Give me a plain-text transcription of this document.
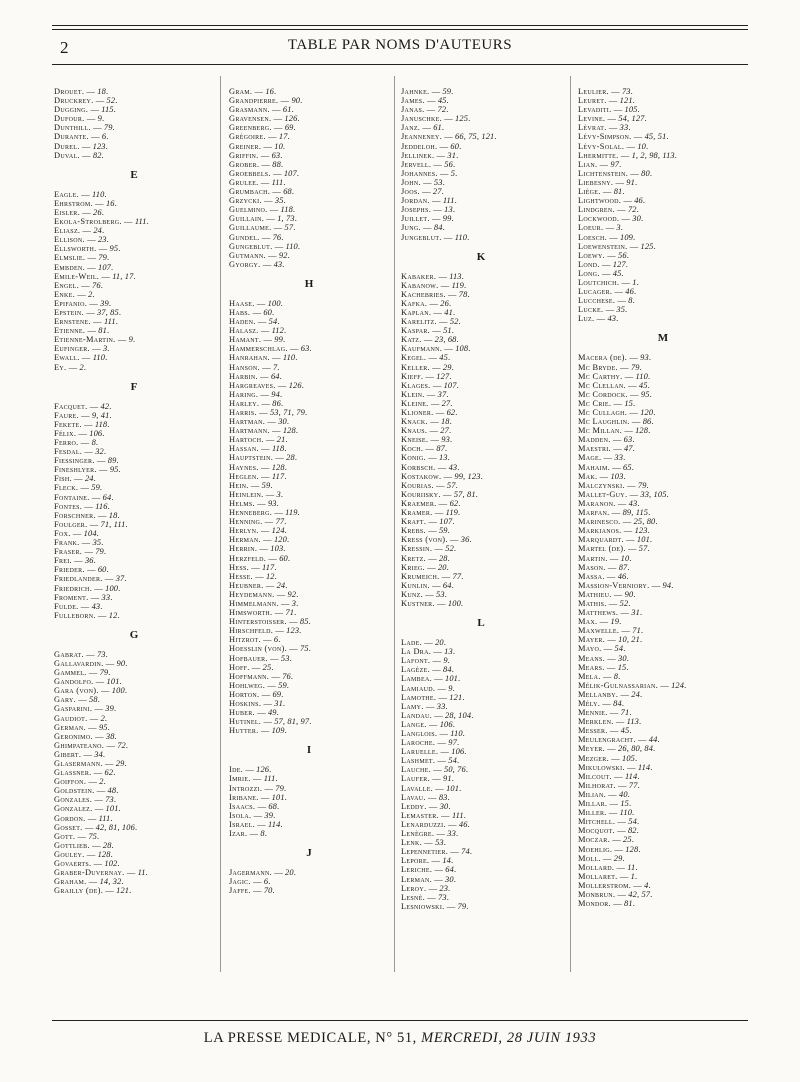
2	TABLE PAR NOMS D'AUTEURS
Drouet. — 18.
Druckrey. — 52.
Dugging. — 115.
Dufour. — 9.
Dunthill. — 79.
Durante. — 6.
Durel. — 123.
Duval. — 82.
E
Eagle. — 110.
Ehrstrom. — 16.
Eisler. — 26.
Ekola-Strolberg. — 111.
Eliasz. — 24.
Ellison. — 23.
Ellsworth. — 95.
Elmslie. — 79.
Embden. — 107.
Emile-Weil. — 11, 17.
Engel. — 76.
Enke. — 2.
Epifanio. — 39.
Epstein. — 37, 85.
Ernstene. — 111.
Etienne. — 81.
Etienne-Martin. — 9.
Eufinger. — 3.
Ewall. — 110.
Ey. — 2.
F
Facquet. — 42.
Faure. — 9, 41.
Fekete. — 118.
Félix. — 106.
Ferro. — 8.
Fesdal. — 32.
Fiessinger. — 89.
Fineshlyer. — 95.
Fish. — 24.
Fleck. — 59.
Fontaine. — 64.
Fontes. — 116.
Forschner. — 18.
Foulger. — 71, 111.
Fox. — 104.
Frank. — 35.
Fraser. — 79.
Frei. — 36.
Frieder. — 60.
Friedlander. — 37.
Friedrich. — 100.
Froment. — 33.
Fulde. — 43.
Fulleborn. — 12.
G
Gabrat. — 73.
Gallavardin. — 90.
Gammel. — 79.
Gandolfo. — 101.
Gara (von). — 100.
Gary. — 58.
Gasparini. — 39.
Gaudiot. — 2.
German. — 95.
Geronimo. — 38.
Ghimpateano. — 72.
Gibert. — 34.
Glasermann. — 29.
Glassner. — 62.
Goiffon. — 2.
Goldstein. — 48.
Gonzales. — 73.
Gonzalez. — 101.
Gordon. — 111.
Gosset. — 42, 81, 106.
Gott. — 75.
Gottlieb. — 28.
Gouley. — 128.
Govaerts. — 102.
Graber-Duvernay. — 11.
Graham. — 14, 32.
Grailly (de). — 121.
Gram. — 16.
Grandpierre. — 90.
Grasmann. — 61.
Gravensen. — 126.
Greenberg. — 69.
Grégoire. — 17.
Greiner. — 10.
Griffin. — 63.
Grober. — 88.
Groebbels. — 107.
Grulee. — 111.
Grumbach. — 68.
Grzycki. — 35.
Guelmino. — 118.
Guillain. — 1, 73.
Guillaume. — 57.
Gundel. — 76.
Gungeblut. — 110.
Gutmann. — 92.
Gyorgy. — 43.
H
Haase. — 100.
Habs. — 60.
Haden. — 54.
Halasz. — 112.
Hamant. — 99.
Hammerschlag. — 63.
Hanrahan. — 110.
Hanson. — 7.
Harbin. — 64.
Hargreaves. — 126.
Haring. — 94.
Harley. — 86.
Harris. — 53, 71, 79.
Hartman. — 30.
Hartmann. — 128.
Hartoch. — 21.
Hassan. — 118.
Hauptstein. — 28.
Haynes. — 128.
Heglen. — 117.
Hein. — 59.
Heinlein. — 3.
Helms. — 93.
Henneberg. — 119.
Henning. — 77.
Herlyn. — 124.
Herman. — 120.
Herrin. — 103.
Herzfeld. — 60.
Hess. — 117.
Hesse. — 12.
Heubner. — 24.
Heydemann. — 92.
Himmelmann. — 3.
Himsworth. — 71.
Hinterstoisser. — 85.
Hirschfeld. — 123.
Hitzrot. — 6.
Hoesslin (von). — 75.
Hofbauer. — 53.
Hoff. — 25.
Hoffmann. — 76.
Hohlweg. — 59.
Horton. — 69.
Hoskins. — 31.
Huber. — 49.
Hutinel. — 57, 81, 97.
Hutter. — 109.
I
Ide. — 126.
Imrie. — 111.
Introzzi. — 79.
Iribane. — 101.
Isaacs. — 68.
Isola. — 39.
Israel. — 114.
Izar. — 8.
J
Jagermann. — 20.
Jagic. — 6.
Jaffe. — 70.
Jahnke. — 59.
James. — 45.
Janas. — 72.
Januschke. — 125.
Janz. — 61.
Jeanneney. — 66, 75, 121.
Jeddeloh. — 60.
Jellinek. — 31.
Jervell. — 56.
Johannes. — 5.
John. — 53.
Joos. — 27.
Jordan. — 111.
Josephs. — 13.
Juillet. — 99.
Jung. — 84.
Jungeblut. — 110.
K
Kabaker. — 113.
Kabanow. — 119.
Kachebries. — 78.
Kafka. — 26.
Kaplan. — 41.
Karelitz. — 52.
Kaspar. — 51.
Katz. — 23, 68.
Kaufmann. — 108.
Kegel. — 45.
Keller. — 29.
Kieff. — 127.
Klages. — 107.
Klein. — 37.
Kleine. — 27.
Klioner. — 62.
Knack. — 18.
Knaus. — 27.
Kneise. — 93.
Koch. — 87.
Konig. — 13.
Korbsch. — 43.
Kostakow. — 99, 123.
Kourias. — 57.
Kouriisky. — 57, 81.
Kraemer. — 62.
Kramer. — 119.
Kraft. — 107.
Krebs. — 59.
Kress (von). — 36.
Kressin. — 52.
Kretz. — 28.
Krieg. — 20.
Krumeich. — 77.
Kunlin. — 64.
Kunz. — 53.
Kustner. — 100.
L
Lade. — 20.
La Dra. — 13.
Lafont. — 9.
Lagèze. — 84.
Lambea. — 101.
Lamiaud. — 9.
Lamothe. — 121.
Lamy. — 33.
Landau. — 28, 104.
Lange. — 106.
Langlois. — 110.
Laroche. — 97.
Laruelle. — 106.
Lashmet. — 54.
Lauche. — 50, 76.
Laufer. — 91.
Lavalle. — 101.
Lavau. — 83.
Leddy. — 30.
Lemaster. — 111.
Lenarduzzi. — 46.
Lenègre. — 33.
Lenk. — 53.
Lepennetier. — 74.
Lepore. — 14.
Leriche. — 64.
Lerman. — 30.
Leroy. — 23.
Lesné. — 73.
Lesniowski. — 79.
Leulier. — 73.
Leuret. — 121.
Levaditi. — 105.
Levine. — 54, 127.
Lévrat. — 33.
Lévy-Simpson. — 45, 51.
Lévy-Solal. — 10.
Lhermitte. — 1, 2, 98, 113.
Lian. — 97.
Lichtenstein. — 80.
Liebesny. — 91.
Liège. — 81.
Lightwood. — 46.
Lindgren. — 72.
Lockwood. — 30.
Loeur. — 3.
Loesch. — 109.
Loewenstein. — 125.
Loewy. — 56.
Lond. — 127.
Long. — 45.
Loutchich. — 1.
Lucager. — 46.
Lucchese. — 8.
Lucke. — 35.
Luz. — 43.
M
Macera (de). — 93.
Mc Bryde. — 79.
Mc Carthy. — 110.
Mc Clellan. — 45.
Mc Cordock. — 95.
Mc Crie. — 15.
Mc Cullagh. — 120.
Mc Laughlin. — 86.
Mc Millan. — 128.
Madden. — 63.
Maestri. — 47.
Mage. — 33.
Mahaim. — 65.
Mak. — 103.
Malczynski. — 79.
Mallet-Guy. — 33, 105.
Maranon. — 43.
Marfan. — 89, 115.
Marinesco. — 25, 80.
Markianos. — 123.
Marquardt. — 101.
Martel (de). — 57.
Martin. — 10.
Mason. — 87.
Massa. — 46.
Massion-Verniory. — 94.
Mathieu. — 90.
Mathis. — 52.
Matthews. — 31.
Max. — 19.
Maxwelle. — 71.
Mayer. — 10, 21.
Mayo. — 54.
Means. — 30.
Mears. — 15.
Mela. — 8.
Mélik-Gulnassarian. — 124.
Mellanby. — 24.
Mély. — 84.
Mennie. — 71.
Merklen. — 113.
Messer. — 45.
Meulengracht. — 44.
Meyer. — 26, 80, 84.
Mezger. — 105.
Mikulowski. — 114.
Milcout. — 114.
Milhorat. — 77.
Milian. — 40.
Millar. — 15.
Miller. — 110.
Mitchell. — 54.
Mocquot. — 82.
Moczar. — 25.
Moehlig. — 128.
Moll. — 29.
Mollard. — 11.
Mollaret. — 1.
Mollerstrom. — 4.
Monbrun. — 42, 57.
Mondor. — 81.
LA PRESSE MEDICALE, N° 51, MERCREDI, 28 JUIN 1933
